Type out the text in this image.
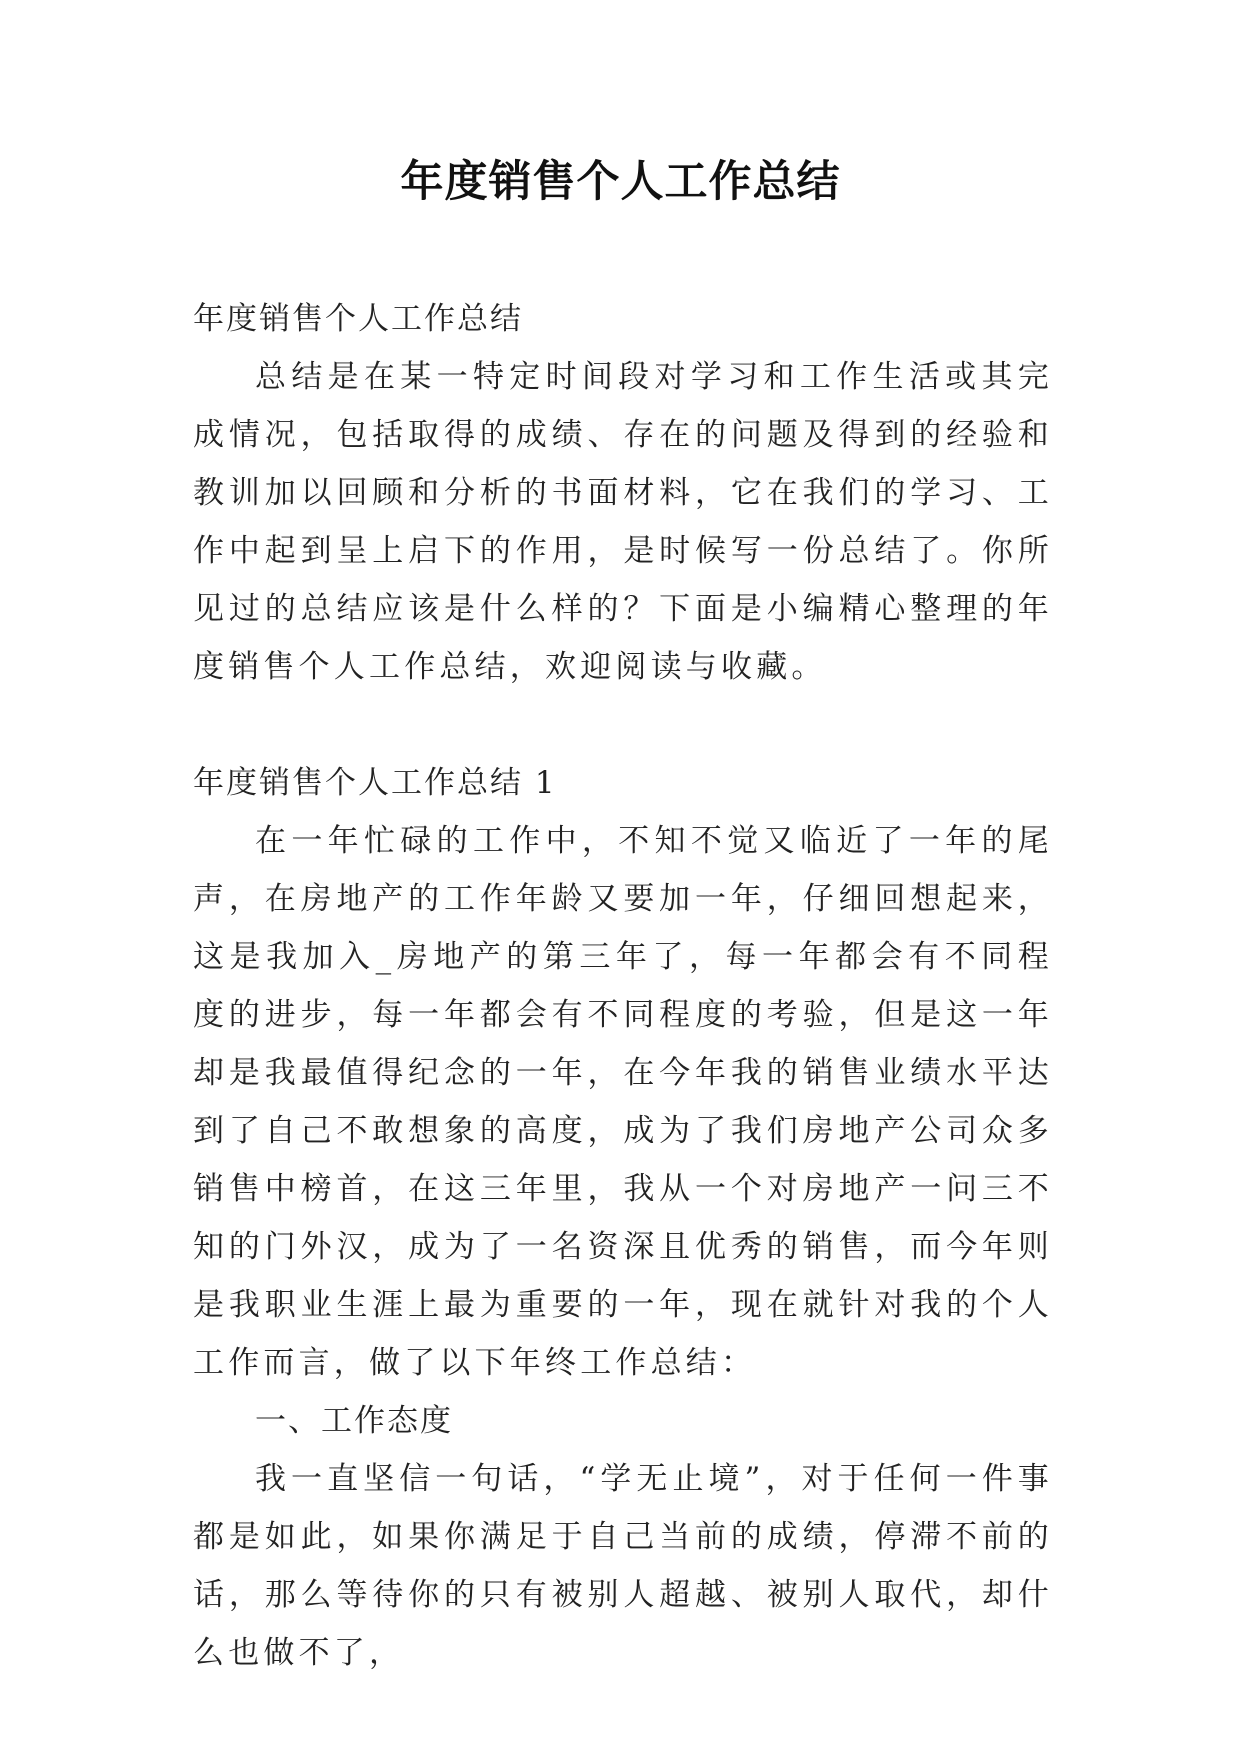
年度销售个人工作总结

年度销售个人工作总结

总结是在某一特定时间段对学习和工作生活或其完成情况，包括取得的成绩、存在的问题及得到的经验和教训加以回顾和分析的书面材料，它在我们的学习、工作中起到呈上启下的作用，是时候写一份总结了。你所见过的总结应该是什么样的？下面是小编精心整理的年度销售个人工作总结，欢迎阅读与收藏。

年度销售个人工作总结 1

在一年忙碌的工作中，不知不觉又临近了一年的尾声，在房地产的工作年龄又要加一年，仔细回想起来，这是我加入_房地产的第三年了，每一年都会有不同程度的进步，每一年都会有不同程度的考验，但是这一年却是我最值得纪念的一年，在今年我的销售业绩水平达到了自己不敢想象的高度，成为了我们房地产公司众多销售中榜首，在这三年里，我从一个对房地产一问三不知的门外汉，成为了一名资深且优秀的销售，而今年则是我职业生涯上最为重要的一年，现在就针对我的个人工作而言，做了以下年终工作总结：

一、工作态度

我一直坚信一句话，“学无止境”，对于任何一件事都是如此，如果你满足于自己当前的成绩，停滞不前的话，那么等待你的只有被别人超越、被别人取代，却什么也做不了，
